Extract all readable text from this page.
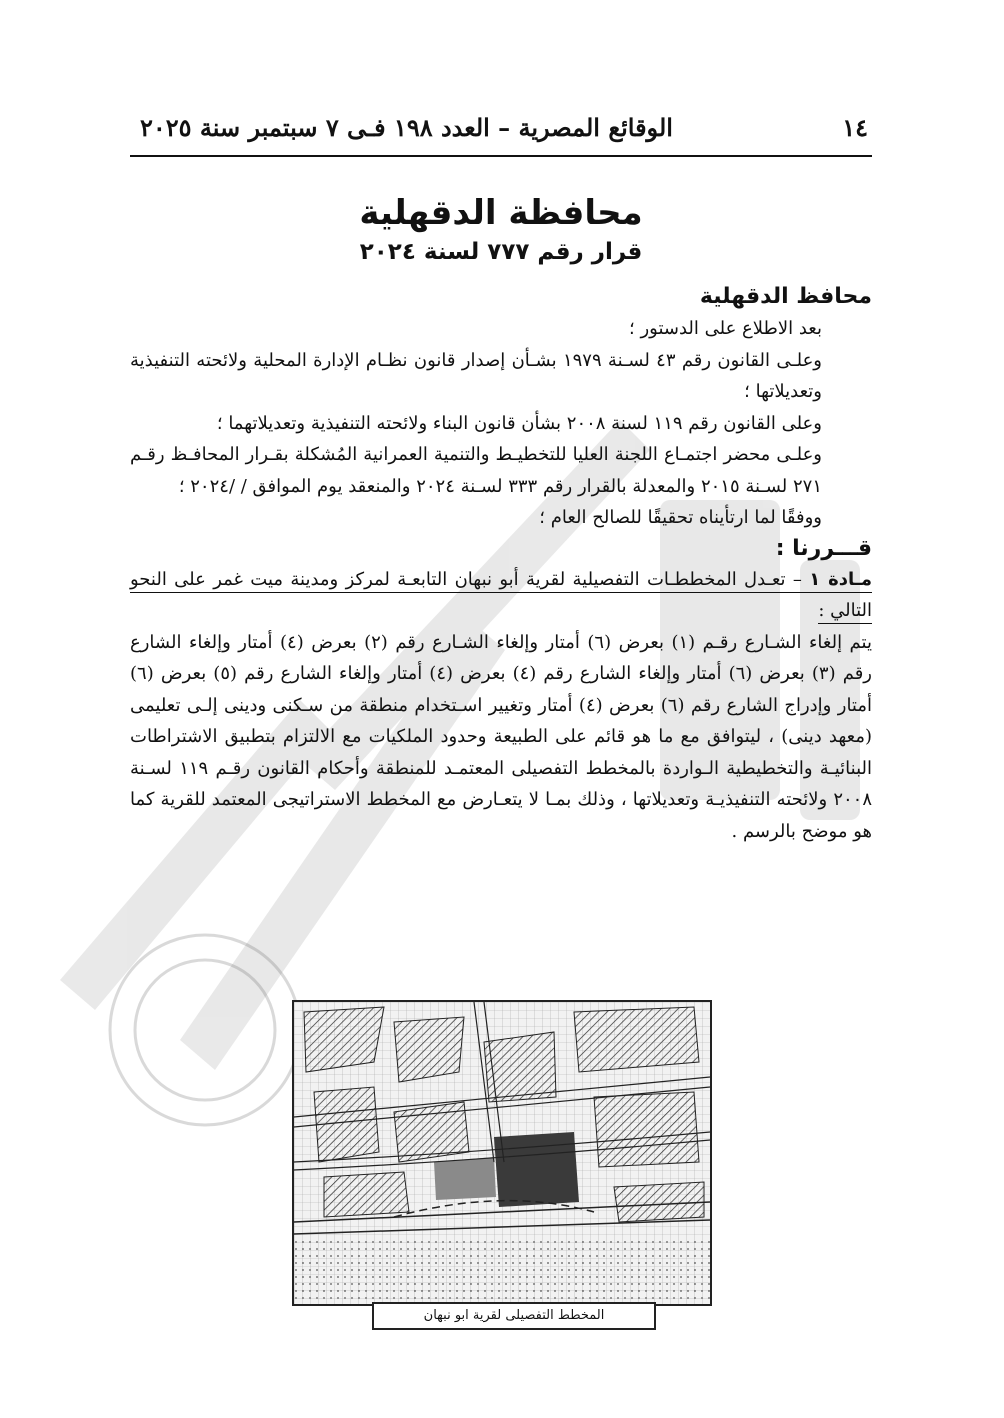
١٤
الوقائع المصرية – العدد ١٩٨ فـى ٧ سبتمبر سنة ٢٠٢٥
محافظة الدقهلية
قرار رقم ٧٧٧ لسنة ٢٠٢٤
محافظ الدقهلية

بعد الاطلاع على الدستور ؛

وعلـى القانون رقم ٤٣ لسـنة ١٩٧٩ بشـأن إصدار قانون نظـام الإدارة المحلية ولائحته التنفيذية وتعديلاتها ؛

وعلى القانون رقم ١١٩ لسنة ٢٠٠٨ بشأن قانون البناء ولائحته التنفيذية وتعديلاتهما ؛

وعلـى محضر اجتمـاع اللجنة العليا للتخطيـط والتنمية العمرانية المُشكلة بقـرار المحافـظ رقـم ٢٧١ لسـنة ٢٠١٥ والمعدلة بالقرار رقم ٣٣٣ لسـنة ٢٠٢٤ والمنعقد يوم الموافق / /٢٠٢٤ ؛

ووفقًا لما ارتأيناه تحقيقًا للصالح العام ؛

قـــررنا :

مـادة ١ – تعـدل المخططـات التفصيلية لقرية أبو نبهان التابعـة لمركز ومدينة ميت غمر على النحو التالي :

يتم إلغاء الشـارع رقـم (١) بعرض (٦) أمتار وإلغاء الشـارع رقم (٢) بعرض (٤) أمتار وإلغاء الشارع رقم (٣) بعرض (٦) أمتار وإلغاء الشارع رقم (٤) بعرض (٤) أمتار وإلغاء الشارع رقم (٥) بعرض (٦) أمتار وإدراج الشارع رقم (٦) بعرض (٤) أمتار وتغيير اسـتخدام منطقة من سـكنى ودينى إلـى تعليمى (معهد دينى) ، ليتوافق مع ما هو قائم على الطبيعة وحدود الملكيات مع الالتزام بتطبيق الاشتراطات البنائيـة والتخطيطية الـواردة بالمخطط التفصيلى المعتمـد للمنطقة وأحكام القانون رقـم ١١٩ لسـنة ٢٠٠٨ ولائحته التنفيذيـة وتعديلاتها ، وذلك بمـا لا يتعـارض مع المخطط الاستراتيجى المعتمد للقرية كما هو موضح بالرسم .

المخطط التفصيلى لقرية ابو نبهان
